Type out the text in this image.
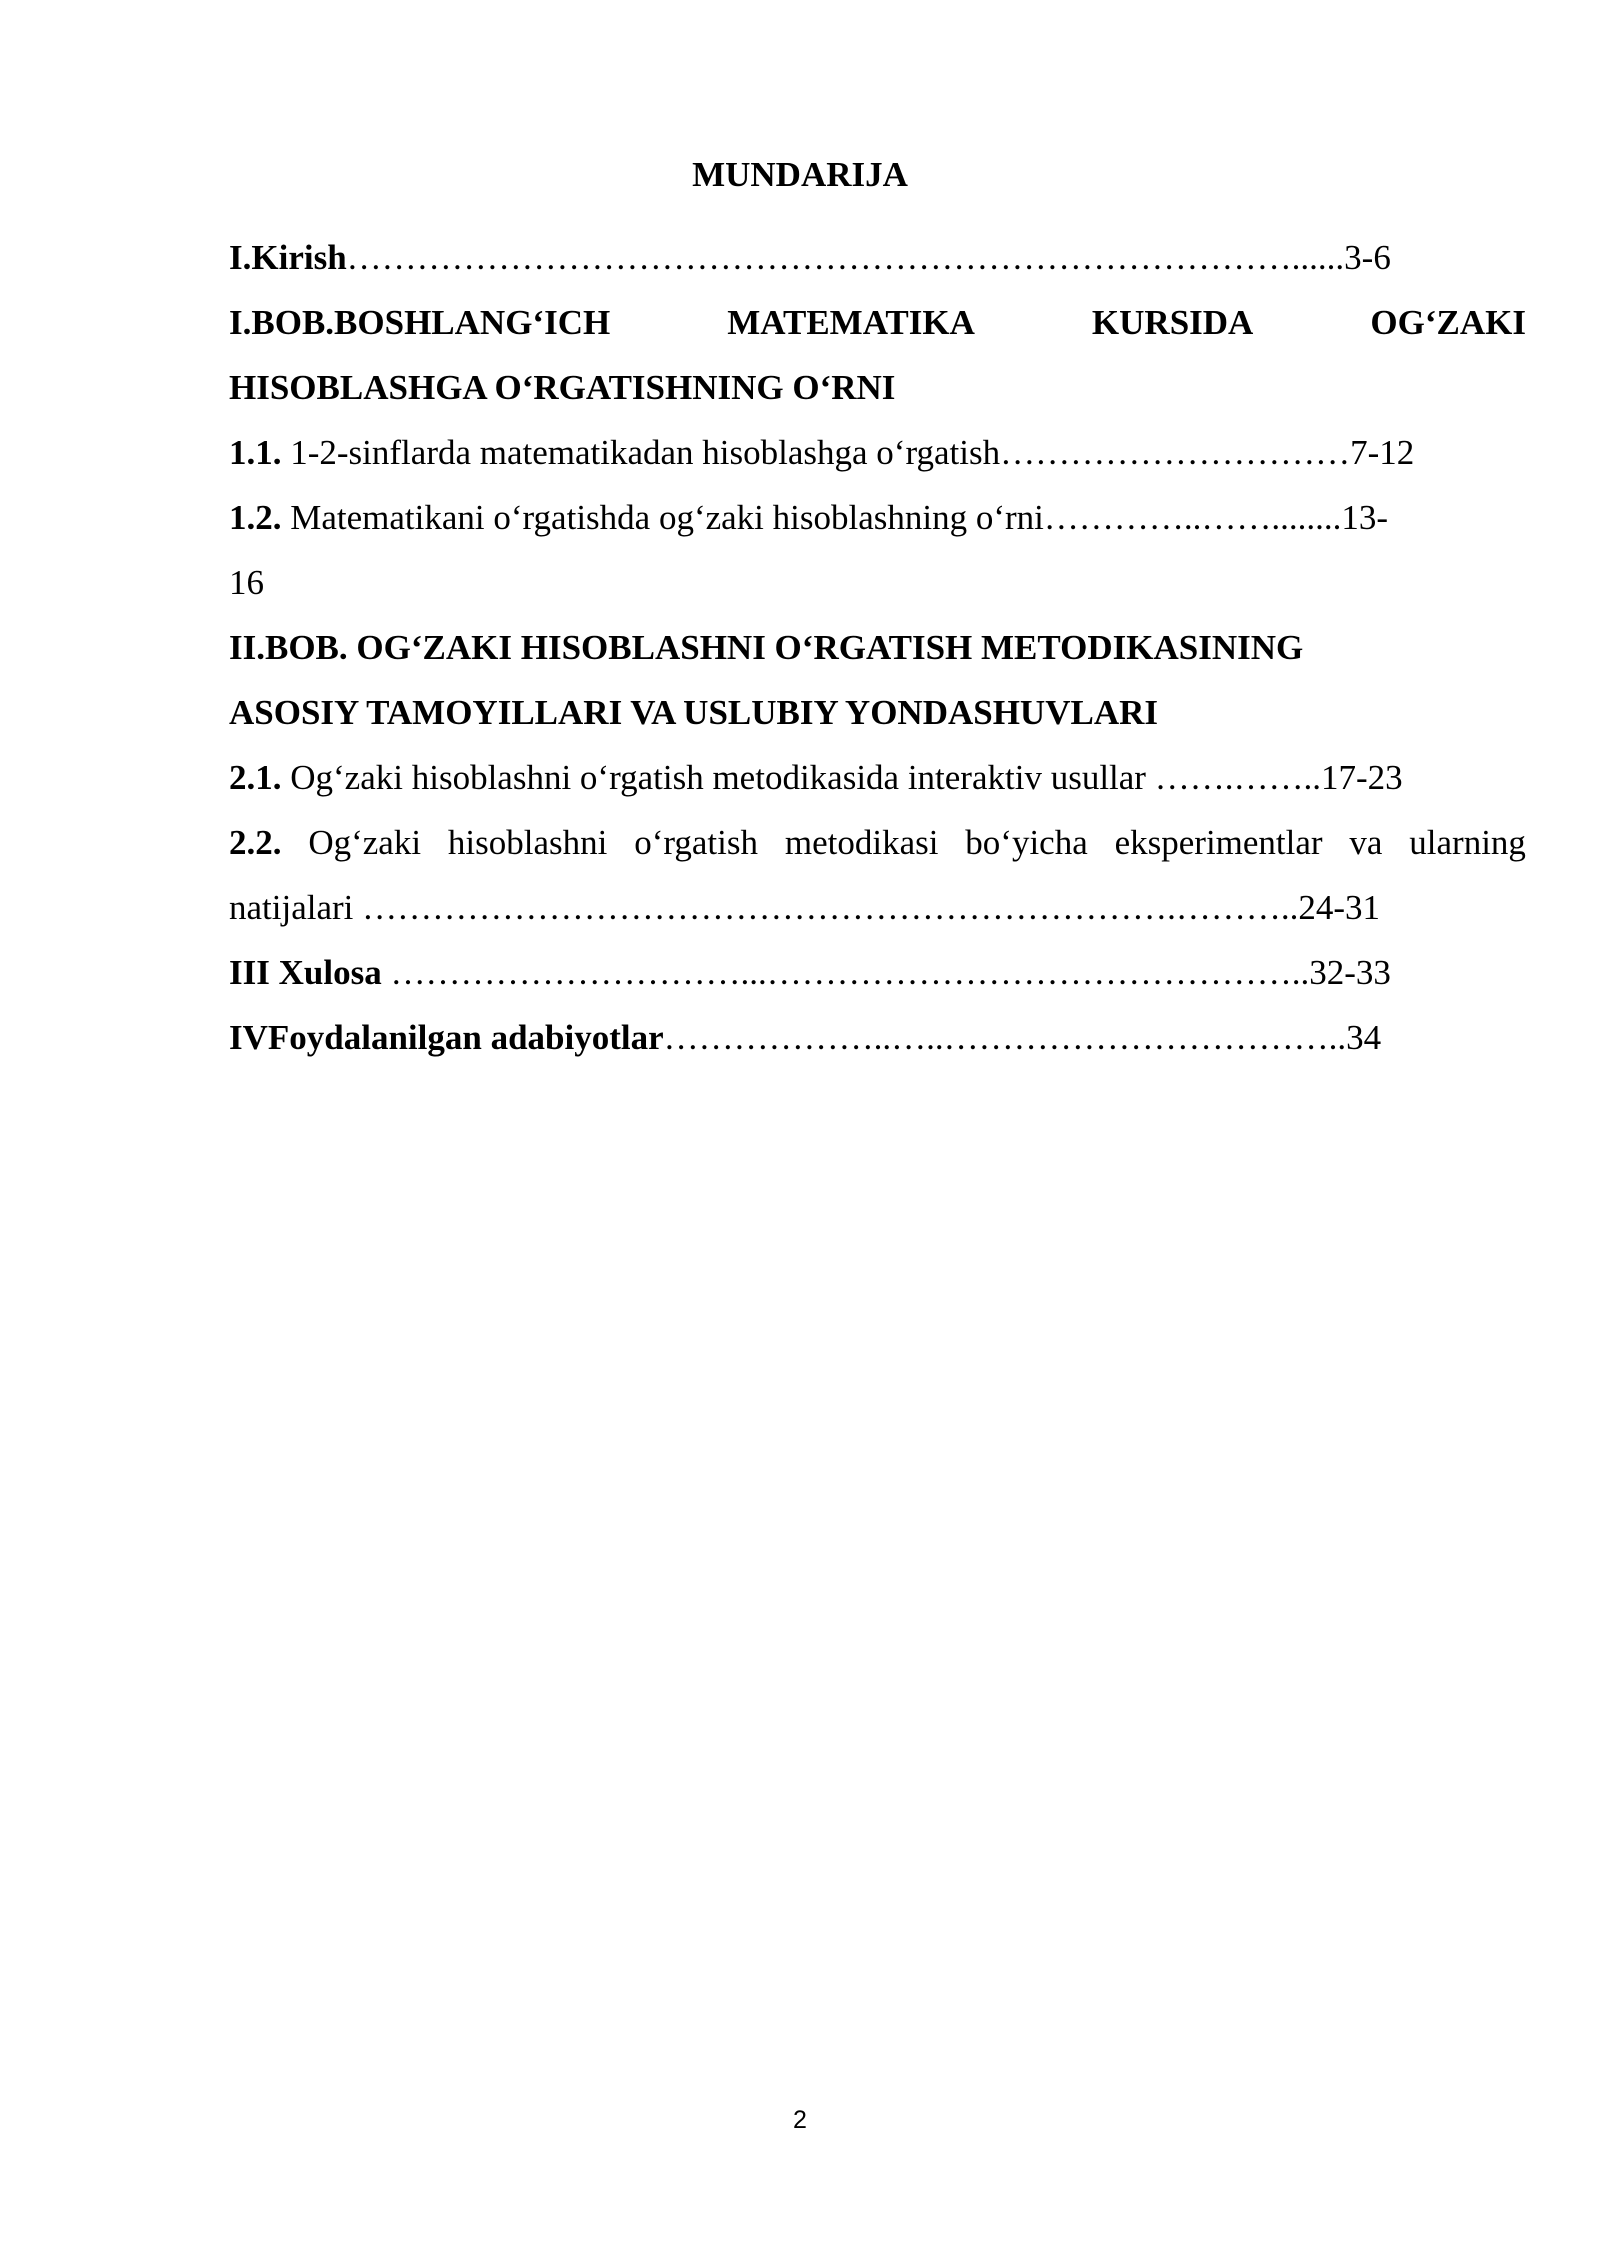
MUNDARIJA
I.Kirish………………………………………………………………………......3-6
I.BOB.BOSHLANG‘ICH	MATEMATIKA	KURSIDA	OG‘ZAKI
HISOBLASHGA O‘RGATISHNING O‘RNI
1.1. 1-2-sinflarda matematikadan hisoblashga o‘rgatish…………………………7-12
1.2. Matematikani o‘rgatishda og‘zaki hisoblashning o‘rni…………..……........13-
16
II.BOB. OG‘ZAKI HISOBLASHNI O‘RGATISH METODIKASINING
ASOSIY TAMOYILLARI VA USLUBIY YONDASHUVLARI
2.1. Og‘zaki hisoblashni o‘rgatish metodikasida interaktiv usullar …….……..17-23
2.2. Og‘zaki hisoblashni o‘rgatish metodikasi bo‘yicha eksperimentlar va ularning
natijalari …………………………………………………………….………..24-31
III Xulosa …………………………...………………………………………..32-33
IVFoydalanilgan adabiyotlar………………..…..……………………………..34
2
